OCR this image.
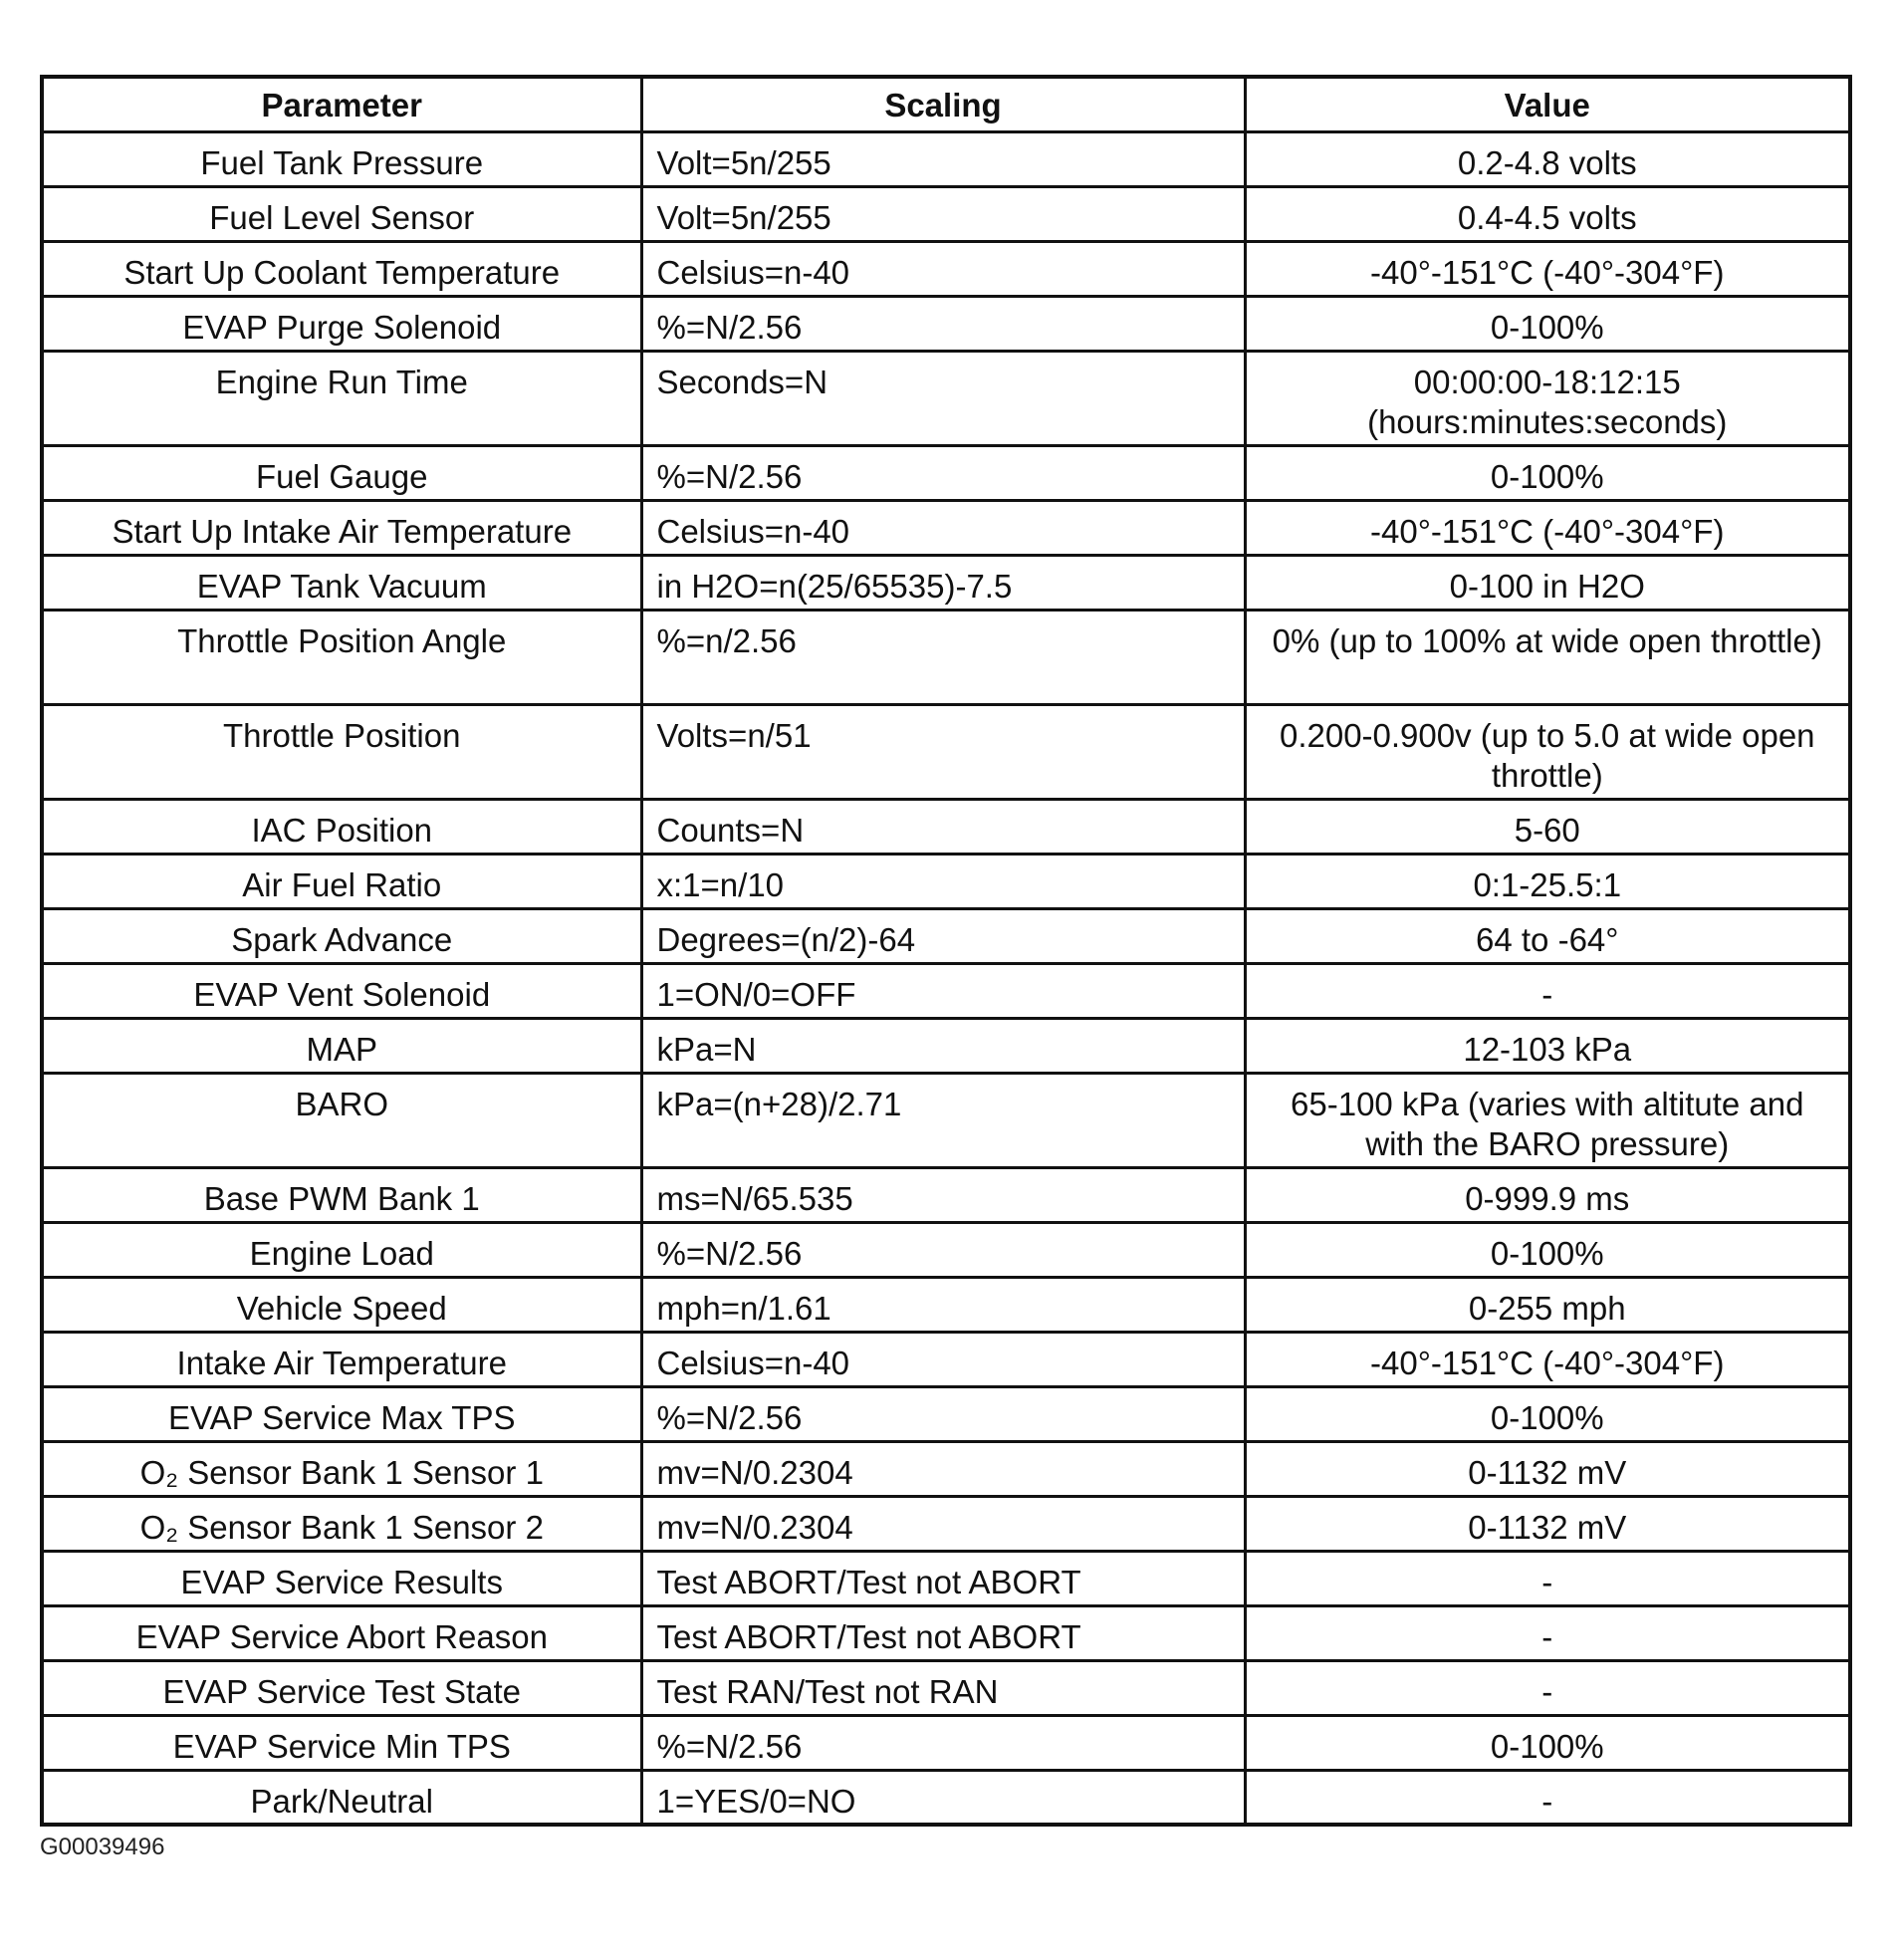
Parameter	Scaling	Value
Fuel Tank Pressure	Volt=5n/255	0.2-4.8 volts
Fuel Level Sensor	Volt=5n/255	0.4-4.5 volts
Start Up Coolant Temperature	Celsius=n-40	-40°-151°C (-40°-304°F)
EVAP Purge Solenoid	%=N/2.56	0-100%
Engine Run Time	Seconds=N	00:00:00-18:12:15 (hours:minutes:seconds)
Fuel Gauge	%=N/2.56	0-100%
Start Up Intake Air Temperature	Celsius=n-40	-40°-151°C (-40°-304°F)
EVAP Tank Vacuum	in H2O=n(25/65535)-7.5	0-100 in H2O
Throttle Position Angle	%=n/2.56	0% (up to 100% at wide open throttle)
Throttle Position	Volts=n/51	0.200-0.900v (up to 5.0 at wide open throttle)
IAC Position	Counts=N	5-60
Air Fuel Ratio	x:1=n/10	0:1-25.5:1
Spark Advance	Degrees=(n/2)-64	64 to -64°
EVAP Vent Solenoid	1=ON/0=OFF	-
MAP	kPa=N	12-103 kPa
BARO	kPa=(n+28)/2.71	65-100 kPa (varies with altitute and with the BARO pressure)
Base PWM Bank 1	ms=N/65.535	0-999.9 ms
Engine Load	%=N/2.56	0-100%
Vehicle Speed	mph=n/1.61	0-255 mph
Intake Air Temperature	Celsius=n-40	-40°-151°C (-40°-304°F)
EVAP Service Max TPS	%=N/2.56	0-100%
O₂ Sensor Bank 1 Sensor 1	mv=N/0.2304	0-1132 mV
O₂ Sensor Bank 1 Sensor 2	mv=N/0.2304	0-1132 mV
EVAP Service Results	Test ABORT/Test not ABORT	-
EVAP Service Abort Reason	Test ABORT/Test not ABORT	-
EVAP Service Test State	Test RAN/Test not RAN	-
EVAP Service Min TPS	%=N/2.56	0-100%
Park/Neutral	1=YES/0=NO	-
G00039496
